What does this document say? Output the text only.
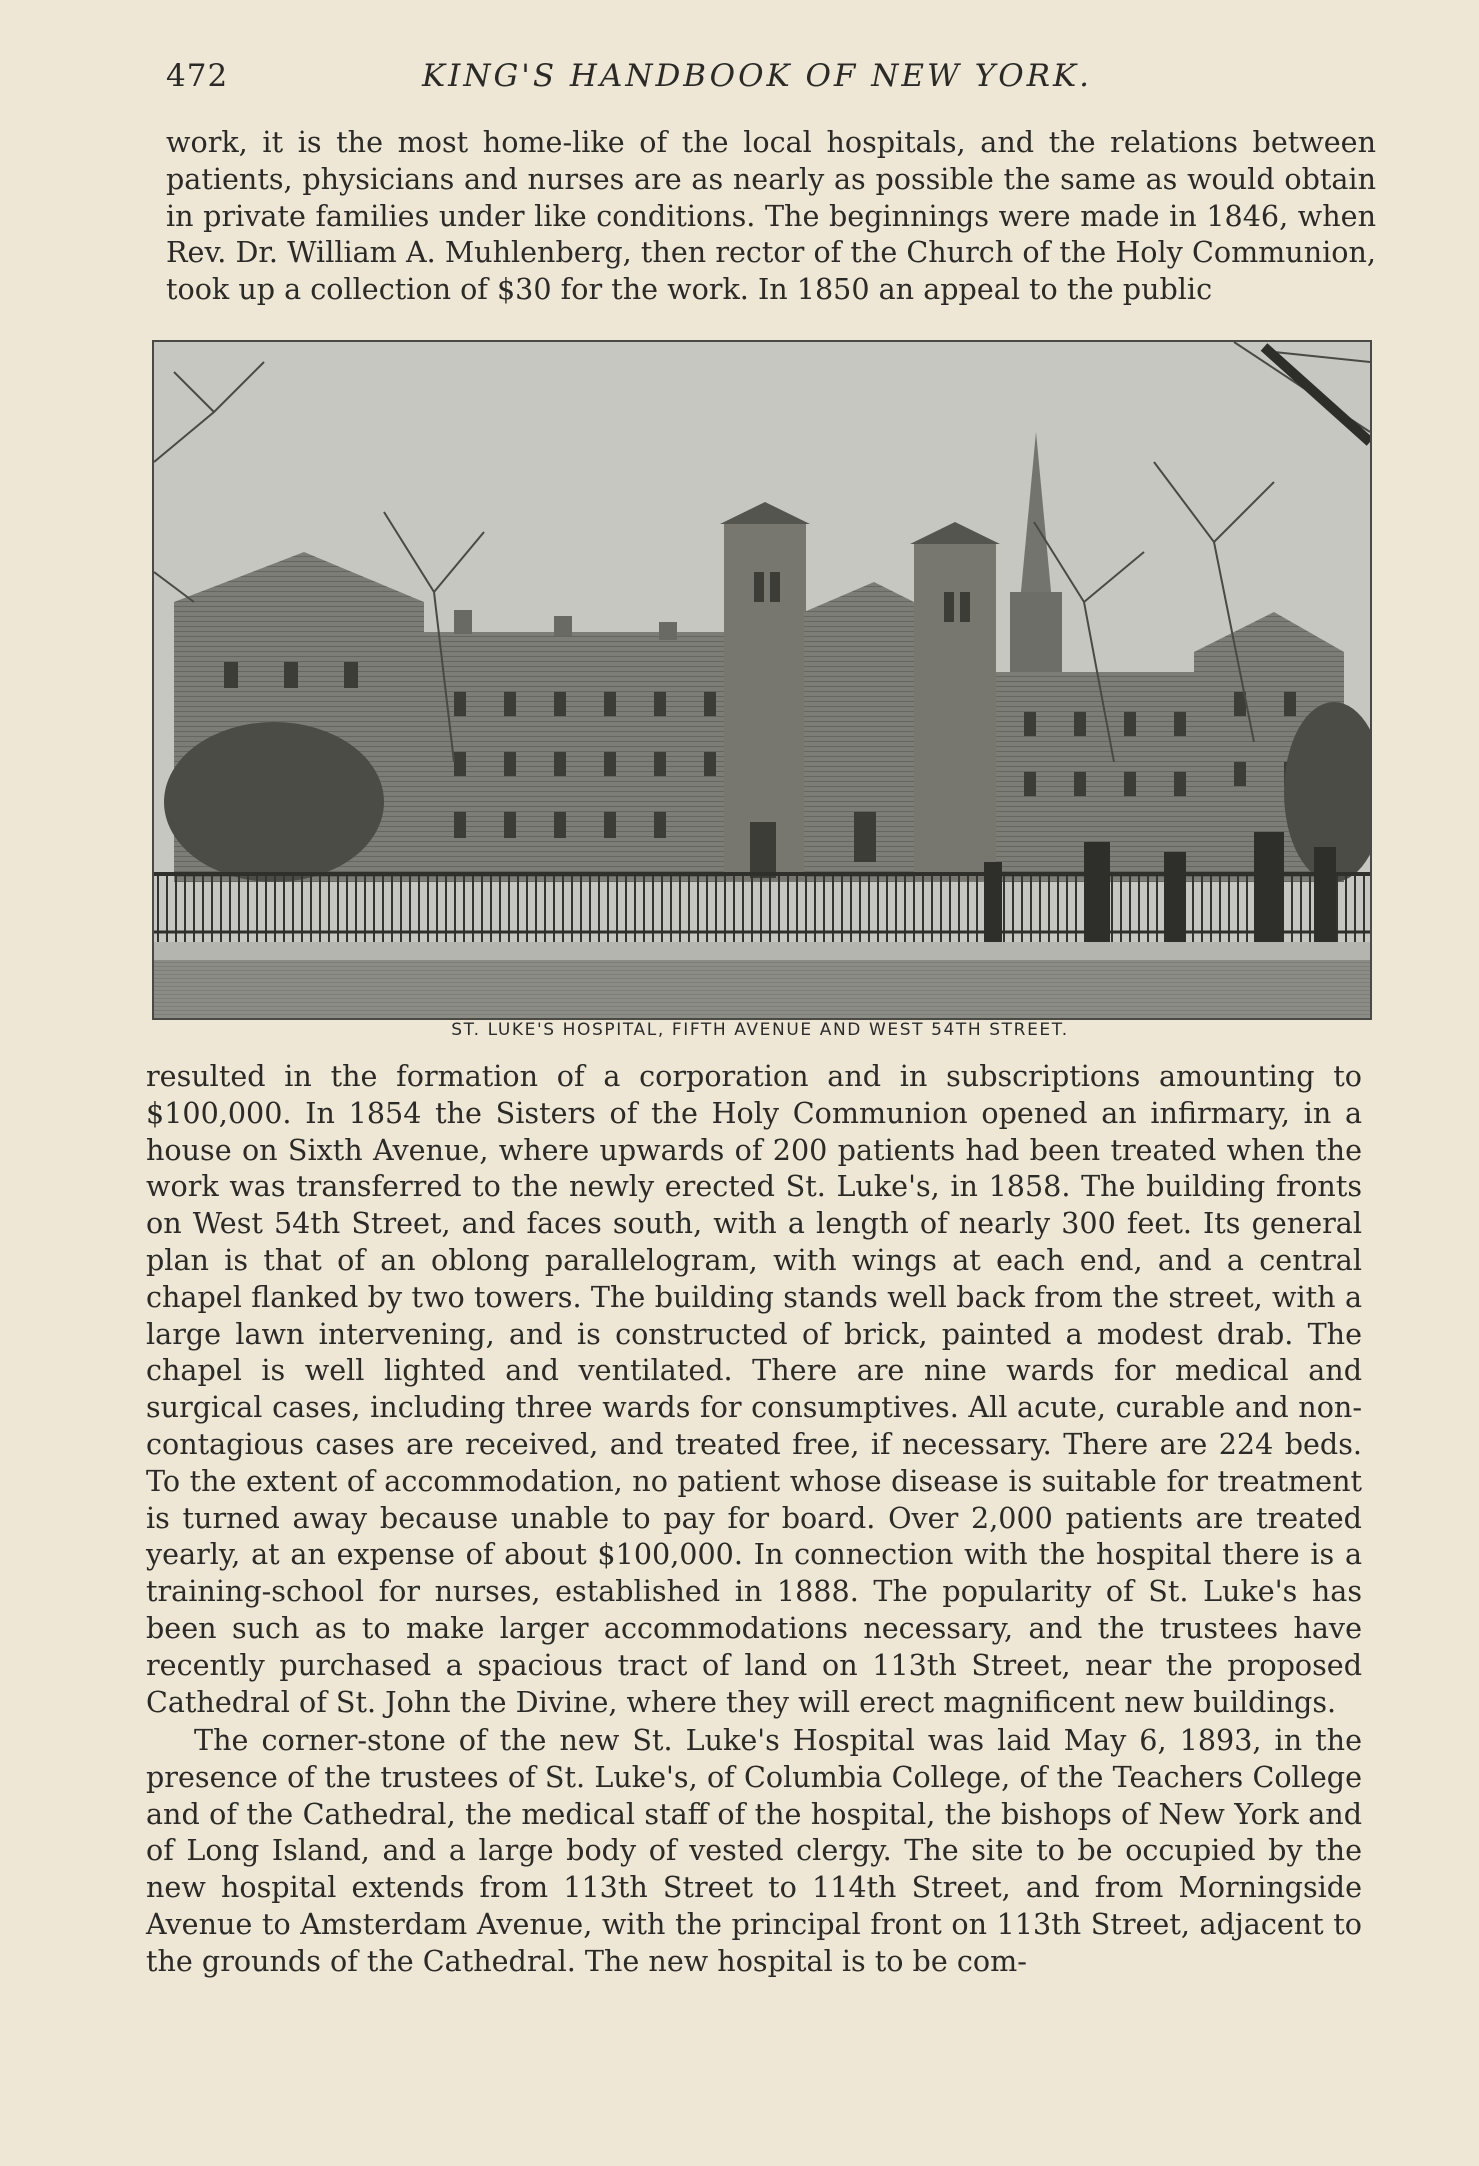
472	KING'S HANDBOOK OF NEW YORK.

work, it is the most home-like of the local hospitals, and the relations between patients, physicians and nurses are as nearly as possible the same as would obtain in private families under like conditions. The beginnings were made in 1846, when Rev. Dr. William A. Muhlenberg, then rector of the Church of the Holy Communion, took up a collection of $30 for the work. In 1850 an appeal to the public

ST. LUKE'S HOSPITAL, FIFTH AVENUE AND WEST 54TH STREET.

resulted in the formation of a corporation and in subscriptions amounting to $100,000. In 1854 the Sisters of the Holy Communion opened an infirmary, in a house on Sixth Avenue, where upwards of 200 patients had been treated when the work was transferred to the newly erected St. Luke's, in 1858. The building fronts on West 54th Street, and faces south, with a length of nearly 300 feet. Its general plan is that of an oblong parallelogram, with wings at each end, and a central chapel flanked by two towers. The building stands well back from the street, with a large lawn intervening, and is constructed of brick, painted a modest drab. The chapel is well lighted and ventilated. There are nine wards for medical and surgical cases, including three wards for consumptives. All acute, curable and non-contagious cases are received, and treated free, if necessary. There are 224 beds. To the extent of accommodation, no patient whose disease is suitable for treatment is turned away because unable to pay for board. Over 2,000 patients are treated yearly, at an expense of about $100,000. In connection with the hospital there is a training-school for nurses, established in 1888. The popularity of St. Luke's has been such as to make larger accommodations necessary, and the trustees have recently purchased a spacious tract of land on 113th Street, near the proposed Cathedral of St. John the Divine, where they will erect magnificent new buildings.

The corner-stone of the new St. Luke's Hospital was laid May 6, 1893, in the presence of the trustees of St. Luke's, of Columbia College, of the Teachers College and of the Cathedral, the medical staff of the hospital, the bishops of New York and of Long Island, and a large body of vested clergy. The site to be occupied by the new hospital extends from 113th Street to 114th Street, and from Morningside Avenue to Amsterdam Avenue, with the principal front on 113th Street, adjacent to the grounds of the Cathedral. The new hospital is to be com-
